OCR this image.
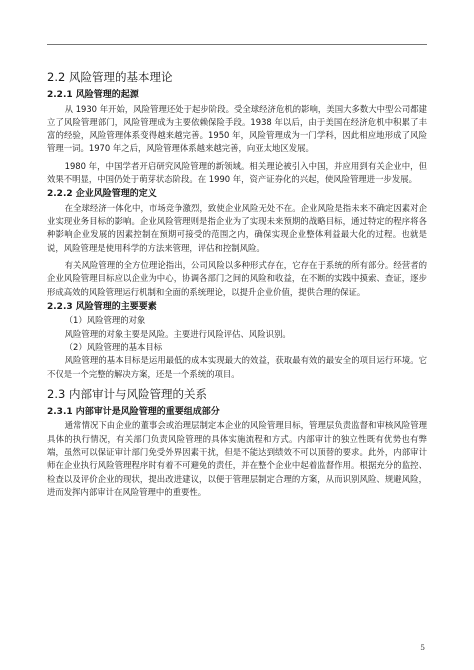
2.2 风险管理的基本理论
2.2.1 风险管理的起源

从 1930 年开始，风险管理还处于起步阶段。受全球经济危机的影响，美国大多数大中型公司都建立了风险管理部门，风险管理成为主要依赖保险手段。1938 年以后，由于美国在经济危机中积累了丰富的经验，风险管理体系变得越来越完善。1950 年，风险管理成为一门学科，因此相应地形成了风险管理一词。1970 年之后，风险管理体系越来越完善，向亚太地区发展。

1980 年，中国学者开启研究风险管理的新领域。相关理论被引入中国，并应用到有关企业中，但效果不明显，中国仍处于萌芽状态阶段。在 1990 年，资产证券化的兴起，使风险管理进一步发展。

2.2.2 企业风险管理的定义

在全球经济一体化中，市场竞争激烈，致使企业风险无处不在。企业风险是指未来不确定因素对企业实现业务目标的影响。企业风险管理则是指企业为了实现未来预期的战略目标，通过特定的程序将各种影响企业发展的因素控制在预期可接受的范围之内，确保实现企业整体利益最大化的过程。也就是说，风险管理是使用科学的方法来管理，评估和控制风险。

有关风险管理的全方位理论指出，公司风险以多种形式存在，它存在于系统的所有部分。经营者的企业风险管理目标应以企业为中心，协调各部门之间的风险和收益，在不断的实践中摸索、查证，逐步形成高效的风险管理运行机制和全面的系统理论，以提升企业价值，提供合理的保证。

2.2.3 风险管理的主要要素

（1）风险管理的对象

风险管理的对象主要是风险。主要进行风险评估、风险识别。

（2）风险管理的基本目标

风险管理的基本目标是运用最低的成本实现最大的效益，获取最有效的最安全的项目运行环境。它不仅是一个完整的解决方案，还是一个系统的项目。

2.3 内部审计与风险管理的关系
2.3.1 内部审计是风险管理的重要组成部分

通常情况下由企业的董事会或治理层制定本企业的风险管理目标，管理层负责监督和审核风险管理具体的执行情况，有关部门负责风险管理的具体实施流程和方式。内部审计的独立性既有优势也有弊端，虽然可以保证审计部门免受外界因素干扰，但是不能达到绩效不可以顶替的要求。此外，内部审计师在企业执行风险管理程序时有着不可避免的责任，并在整个企业中起着监督作用。根据充分的监控、检查以及评价企业的现状，提出改进建议，以便于管理层制定合理的方案，从而识别风险、规避风险，进而发挥内部审计在风险管理中的重要性。

5
